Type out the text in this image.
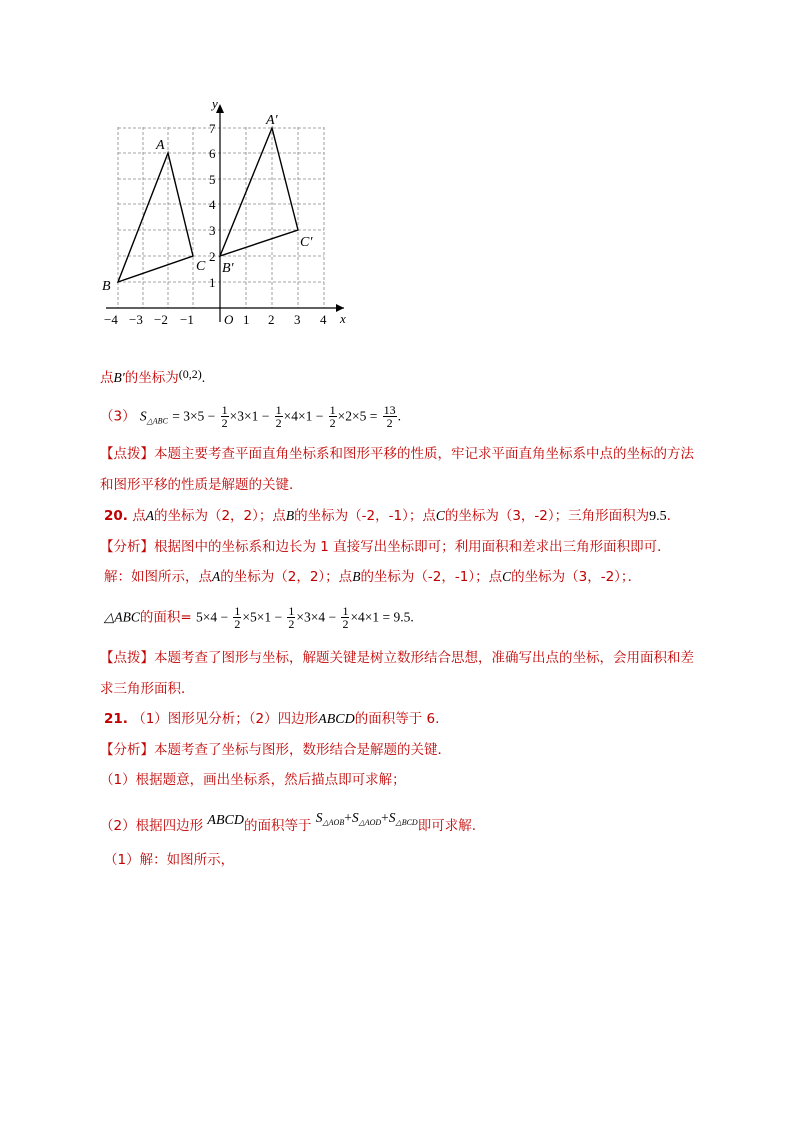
x
y
O
−4 −3 −2 −1	1 2 3 4
1
2
3
4
5
6
7
A
B
C
A′
B′
C′
点B′的坐标为(0,2).
（3） $S_{\triangle ABC} = 3\times 5 - \frac{1}{2} \times 3\times 1 - \frac{1}{2} \times 4\times 1 - \frac{1}{2} \times 2\times 5 = \frac{13}{2}$ .
【点拨】本题主要考查平面直角坐标系和图形平移的性质，牢记求平面直角坐标系中点的坐标的方法
和图形平移的性质是解题的关键．
20. 点A的坐标为（2，2）；点B的坐标为（-2，-1）；点C的坐标为（3，-2）；三角形面积为9.5.
【分析】根据图中的坐标系和边长为 1 直接写出坐标即可；利用面积和差求出三角形面积即可．
解：如图所示，点A的坐标为（2，2）；点B的坐标为（-2，-1）；点C的坐标为（3，-2）；．
△ABC的面积= $5\times 4 - \frac{1}{2} \times 5\times 1 - \frac{1}{2} \times 3\times 4 - \frac{1}{2} \times 4\times 1 = 9.5$.
【点拨】本题考查了图形与坐标，解题关键是树立数形结合思想，准确写出点的坐标，会用面积和差
求三角形面积．
21. （1）图形见分析；（2）四边形ABCD的面积等于 6.
【分析】本题考查了坐标与图形，数形结合是解题的关键．
（1）根据题意，画出坐标系，然后描点即可求解；
（2）根据四边形 ABCD的面积等于 $S_{\triangle AOB}+S_{\triangle AOD}+S_{\triangle BCD}$即可求解.
（1）解：如图所示，
